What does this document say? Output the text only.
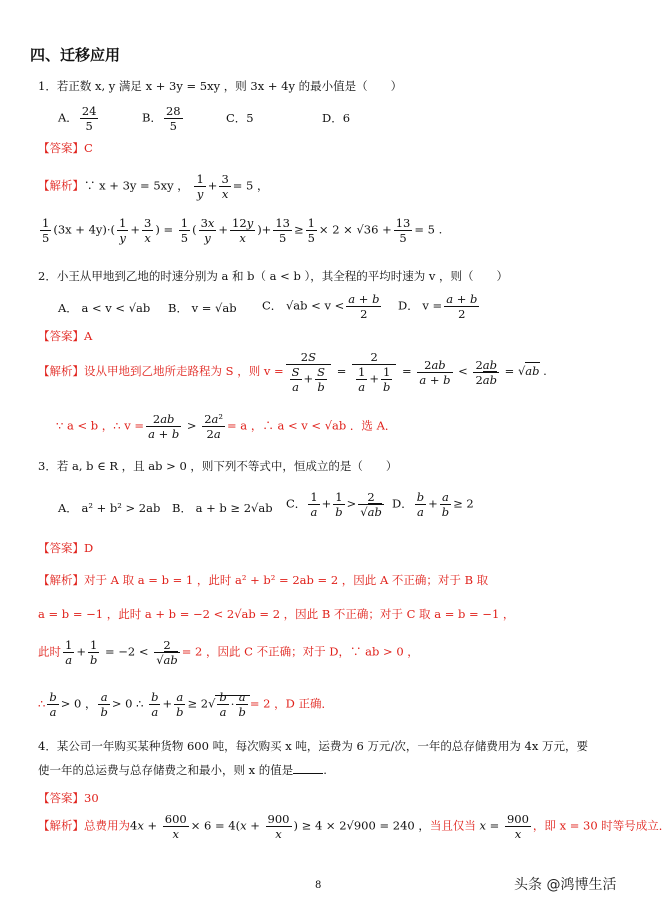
四、迁移应用
1．若正数 x, y 满足 x + 3y = 5xy ，则 3x + 4y 的最小值是（　　）
A． $\frac{24}{5}$	B． $\frac{28}{5}$	C．5	D．6
【答案】C
【解析】∵ x + 3y = 5xy ， $\frac{1}{y} + \frac{3}{x} = 5$ ，
$\frac{1}{5} (3x + 4y)\cdot( \frac{1}{y} + \frac{3}{x}$ ) = $\frac{1}{5}$ ( $\frac{3x}{y} + \frac{12y}{x}$ )+ $\frac{13}{5} \ge \frac{1}{5} \times 2 \times √36 + \frac{13}{5} = 5$ .
2．小王从甲地到乙地的时速分别为 a 和 b（ a < b ），其全程的平均时速为 v ，则（　　）
A． a < v < √ab B． v = √ab C． $√ab < v < \frac{a + b}{2}$ D． $v = \frac{a + b}{2}$
【答案】A
【解析】设从甲地到乙地所走路程为 S ，则 $v = \frac{2S}{\frac{S}{a} + \frac{S}{b}} = \frac{2}{\frac{1}{a} + \frac{1}{b}} = \frac{2ab}{a + b} < \frac{2ab}{2ab} = √ab$ .
∵ a < b ，∴ $v = \frac{2ab}{a + b} > \frac{\text{2a²}}{2a} = a$ ，∴ a < v < √ab ．选 A．
3．若 a, b ∈ R ，且 ab > 0 ，则下列不等式中，恒成立的是（　　）
A． a² + b² > 2ab B． a + b ≥ 2√ab C． $\frac{1}{a} + \frac{1}{b} > \frac{2}{√ab}$ D． $\frac{b}{a} + \frac{a}{b} \ge 2$
【答案】D
【解析】对于 A 取 a = b = 1 ，此时 a² + b² = 2ab = 2 ，因此 A 不正确；对于 B 取
a = b = −1 ，此时 a + b = −2 < 2√ab = 2 ，因此 B 不正确；对于 C 取 a = b = −1 ，
此时 $\frac{1}{a} + \frac{1}{b} = -2 < \frac{2}{√ab} = 2$ ，因此 C 不正确；对于 D，∵ ab > 0 ，
∴ $\frac{b}{a} > 0$ ， $\frac{a}{b} > 0$ ∴ $\frac{b}{a} + \frac{a}{b} \ge 2√ \frac{b}{a} \cdot \frac{a}{b} = 2$ ，D 正确．
4．某公司一年购买某种货物 600 吨，每次购买 x 吨，运费为 6 万元/次，一年的总存储费用为 4x 万元，要
使一年的总运费与总存储费之和最小，则 x 的值是	.
【答案】30
【解析】总费用为$4x + \frac{600}{x} \times 6 = 4(x + \frac{900}{x}$ ) ≥ 4 × 2√900 = 240 ，当且仅当 $x = \frac{900}{x}$ ，即 x = 30 时等号成立．
8	头条 @鸿博生活
